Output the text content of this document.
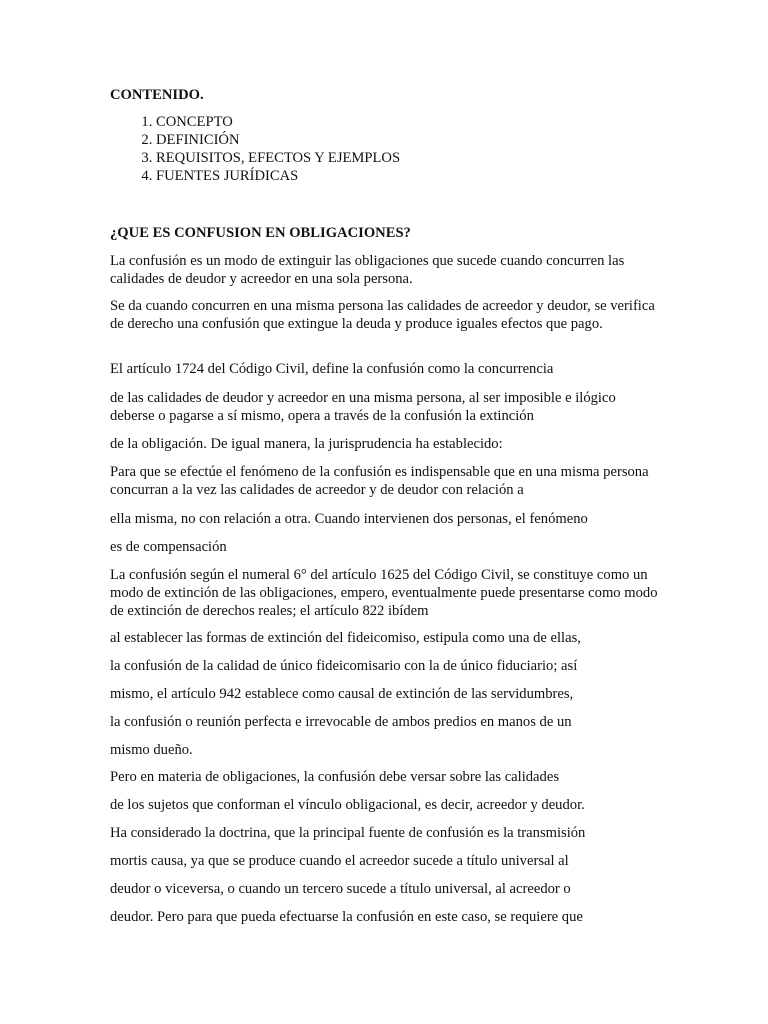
CONTENIDO.

1. CONCEPTO
2. DEFINICIÓN
3. REQUISITOS, EFECTOS Y EJEMPLOS
4. FUENTES JURÍDICAS

¿QUE ES CONFUSION EN OBLIGACIONES?

La confusión es un modo de extinguir las obligaciones que sucede cuando concurren las calidades de deudor y acreedor en una sola persona.

Se da cuando concurren en una misma persona las calidades de acreedor y deudor, se verifica de derecho una confusión que extingue la deuda y produce iguales efectos que pago.

El artículo 1724 del Código Civil, define la confusión como la concurrencia

de las calidades de deudor y acreedor en una misma persona, al ser imposible e ilógico deberse o pagarse a sí mismo, opera a través de la confusión la extinción

de la obligación. De igual manera, la jurisprudencia ha establecido:

Para que se efectúe el fenómeno de la confusión es indispensable que en una misma persona concurran a la vez las calidades de acreedor y de deudor con relación a

ella misma, no con relación a otra. Cuando intervienen dos personas, el fenómeno

es de compensación

La confusión según el numeral 6° del artículo 1625 del Código Civil, se constituye como un modo de extinción de las obligaciones, empero, eventualmente puede presentarse como modo de extinción de derechos reales; el artículo 822 ibídem

al establecer las formas de extinción del fideicomiso, estipula como una de ellas,

la confusión de la calidad de único fideicomisario con la de único fiduciario; así

mismo, el artículo 942 establece como causal de extinción de las servidumbres,

la confusión o reunión perfecta e irrevocable de ambos predios en manos de un

mismo dueño.

Pero en materia de obligaciones, la confusión debe versar sobre las calidades

de los sujetos que conforman el vínculo obligacional, es decir, acreedor y deudor.

Ha considerado la doctrina, que la principal fuente de confusión es la transmisión

mortis causa, ya que se produce cuando el acreedor sucede a título universal al

deudor o viceversa, o cuando un tercero sucede a título universal, al acreedor o

deudor. Pero para que pueda efectuarse la confusión en este caso, se requiere que
